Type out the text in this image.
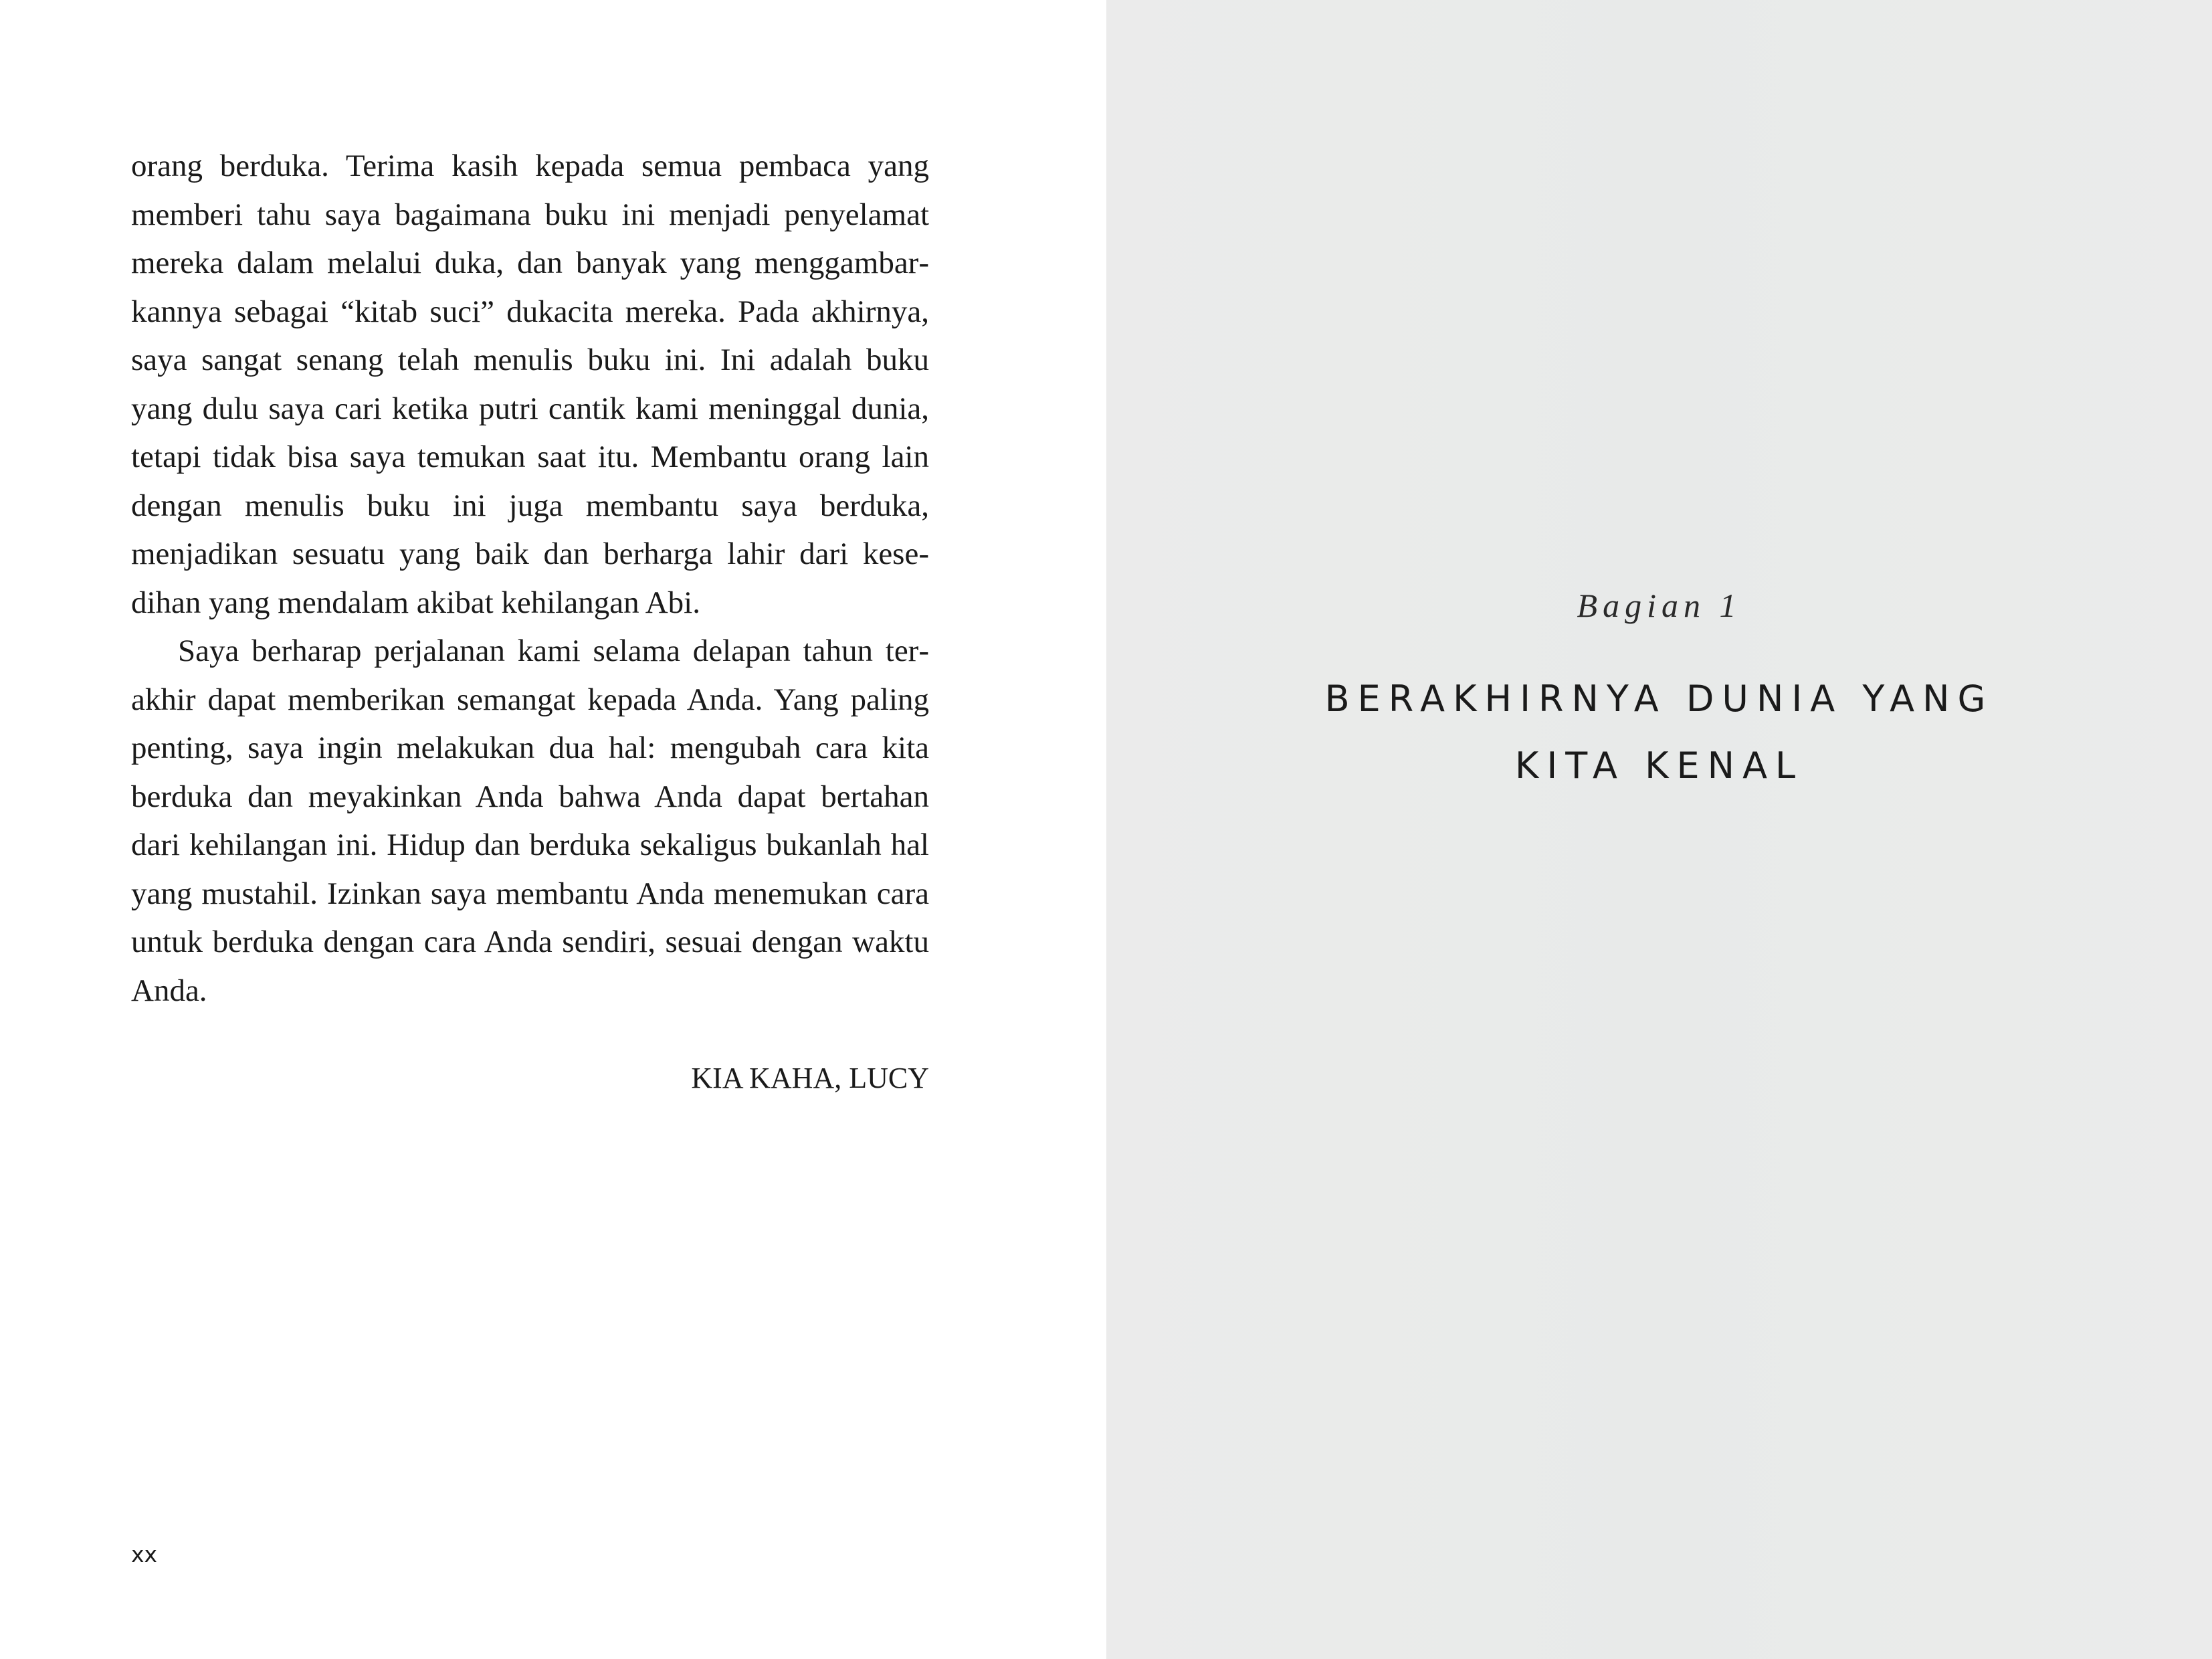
orang berduka. Terima kasih kepada semua pembaca yang memberi tahu saya bagaimana buku ini menjadi penyelamat mereka dalam melalui duka, dan banyak yang menggambarkannya sebagai “kitab suci” dukacita mereka. Pada akhirnya, saya sangat senang telah menulis buku ini. Ini adalah buku yang dulu saya cari ketika putri cantik kami meninggal dunia, tetapi tidak bisa saya temukan saat itu. Membantu orang lain dengan menulis buku ini juga membantu saya berduka, menjadikan sesuatu yang baik dan berharga lahir dari kesedihan yang mendalam akibat kehilangan Abi.

Saya berharap perjalanan kami selama delapan tahun terakhir dapat memberikan semangat kepada Anda. Yang paling penting, saya ingin melakukan dua hal: mengubah cara kita berduka dan meyakinkan Anda bahwa Anda dapat bertahan dari kehilangan ini. Hidup dan berduka sekaligus bukanlah hal yang mustahil. Izinkan saya membantu Anda menemukan cara untuk berduka dengan cara Anda sendiri, sesuai dengan waktu Anda.

KIA KAHA, LUCY
xx
Bagian 1
BERAKHIRNYA DUNIA YANG
KITA KENAL
